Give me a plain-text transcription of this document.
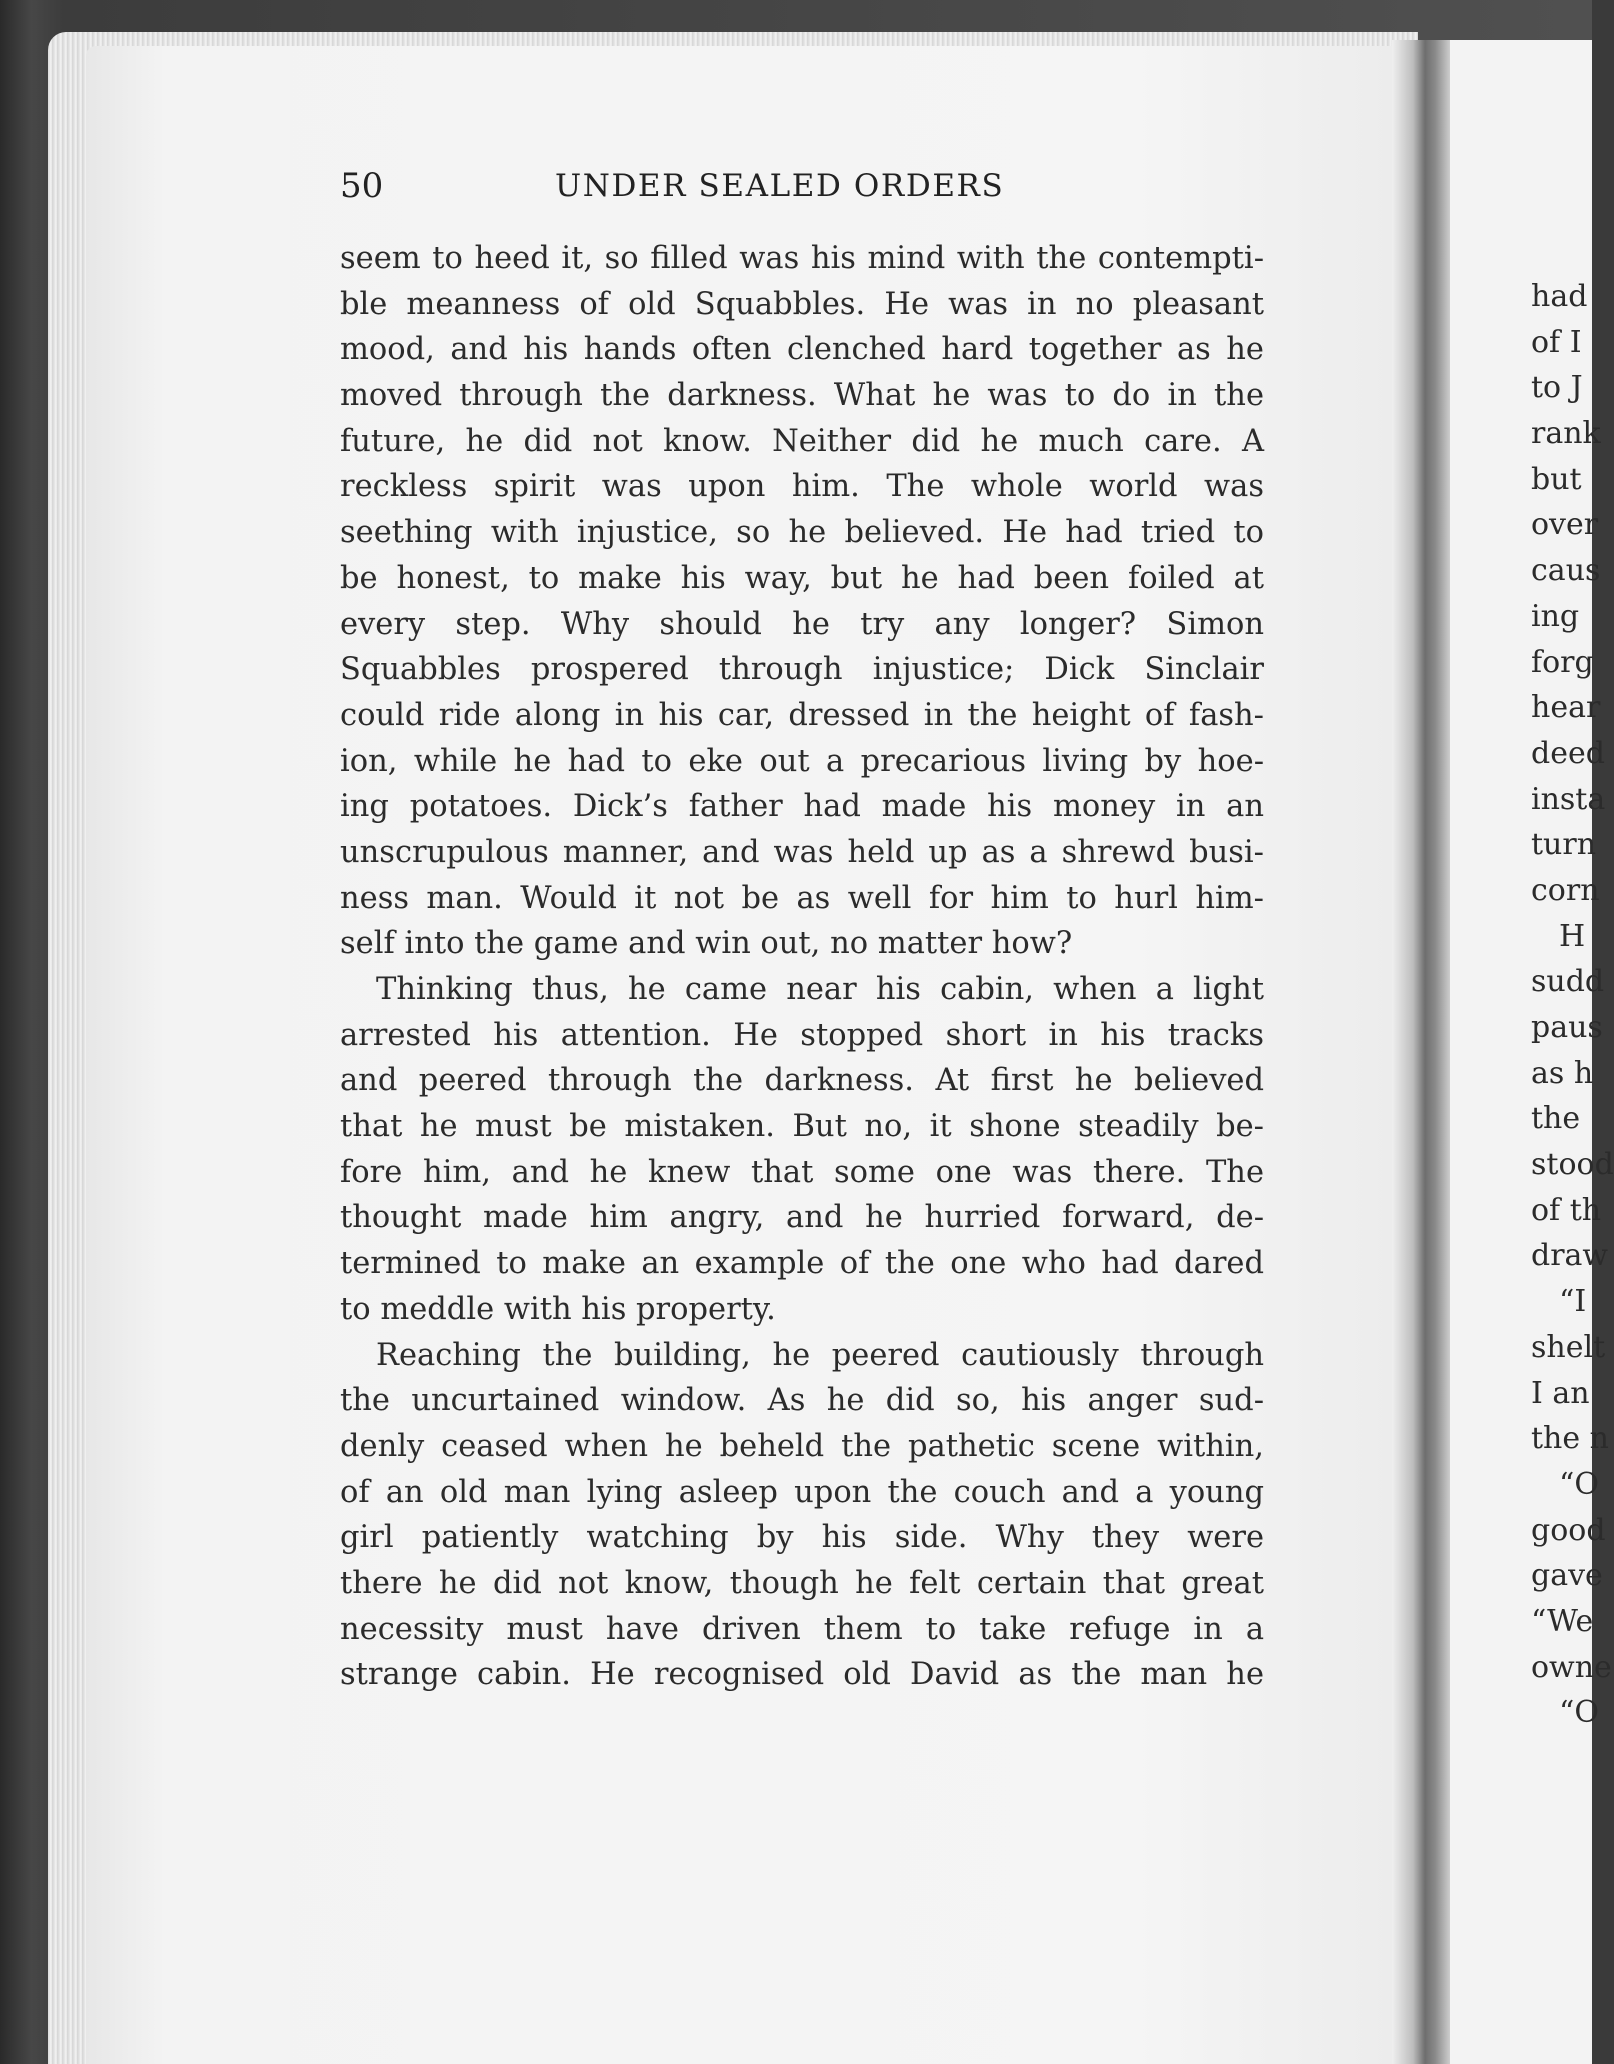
50	UNDER SEALED ORDERS
seem to heed it, so filled was his mind with the contempti-
ble meanness of old Squabbles. He was in no pleasant
mood, and his hands often clenched hard together as he
moved through the darkness. What he was to do in the
future, he did not know. Neither did he much care. A
reckless spirit was upon him. The whole world was
seething with injustice, so he believed. He had tried to
be honest, to make his way, but he had been foiled at
every step. Why should he try any longer? Simon
Squabbles prospered through injustice; Dick Sinclair
could ride along in his car, dressed in the height of fash-
ion, while he had to eke out a precarious living by hoe-
ing potatoes. Dick’s father had made his money in an
unscrupulous manner, and was held up as a shrewd busi-
ness man. Would it not be as well for him to hurl him-
self into the game and win out, no matter how?
Thinking thus, he came near his cabin, when a light
arrested his attention. He stopped short in his tracks
and peered through the darkness. At first he believed
that he must be mistaken. But no, it shone steadily be-
fore him, and he knew that some one was there. The
thought made him angry, and he hurried forward, de-
termined to make an example of the one who had dared
to meddle with his property.
Reaching the building, he peered cautiously through
the uncurtained window. As he did so, his anger sud-
denly ceased when he beheld the pathetic scene within,
of an old man lying asleep upon the couch and a young
girl patiently watching by his side. Why they were
there he did not know, though he felt certain that great
necessity must have driven them to take refuge in a
strange cabin. He recognised old David as the man he
had
of I
to J
rank
but
over
caus
ing
forg
hear
deed
insta
turn
corn
H
sudd
paus
as h
the
stood
of th
draw
“I
shelt
I an
the n
“O
good
gave
“We
owne
“O
